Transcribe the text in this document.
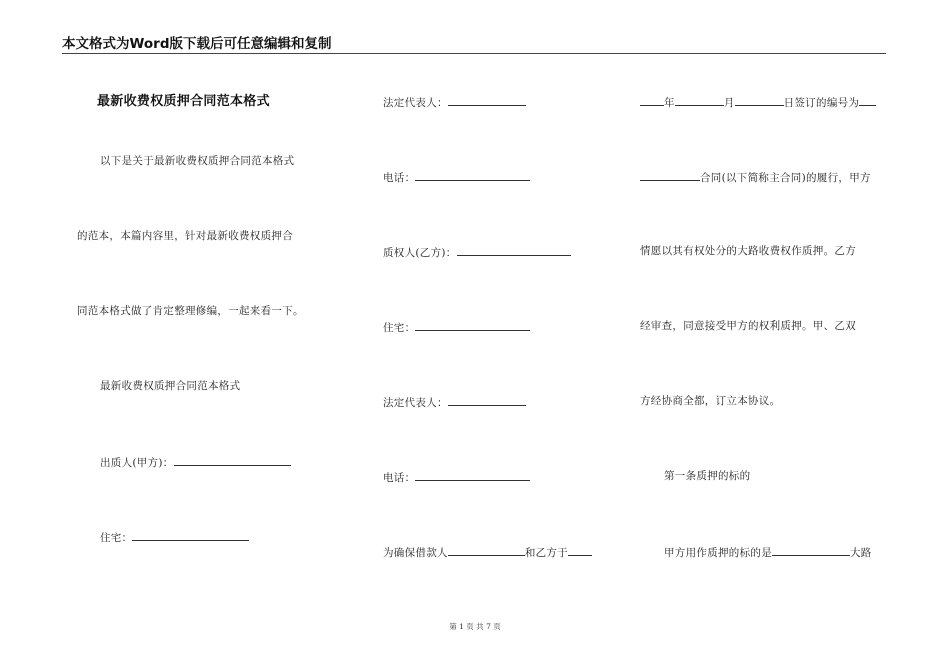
本文格式为Word版下载后可任意编辑和复制
最新收费权质押合同范本格式
以下是关于最新收费权质押合同范本格式
的范本，本篇内容里，针对最新收费权质押合
同范本格式做了肯定整理修编，一起来看一下。
最新收费权质押合同范本格式
出质人(甲方)：
住宅：
法定代表人：
电话：
质权人(乙方)：
住宅：
法定代表人：
电话：
为确保借款人	和乙方于
年	月	日签订的编号为
合同(以下简称主合同)的履行，甲方
情愿以其有权处分的大路收费权作质押。乙方
经审查，同意接受甲方的权利质押。甲、乙双
方经协商全都，订立本协议。
第一条质押的标的
甲方用作质押的标的是	大路
第 1 页 共 7 页
